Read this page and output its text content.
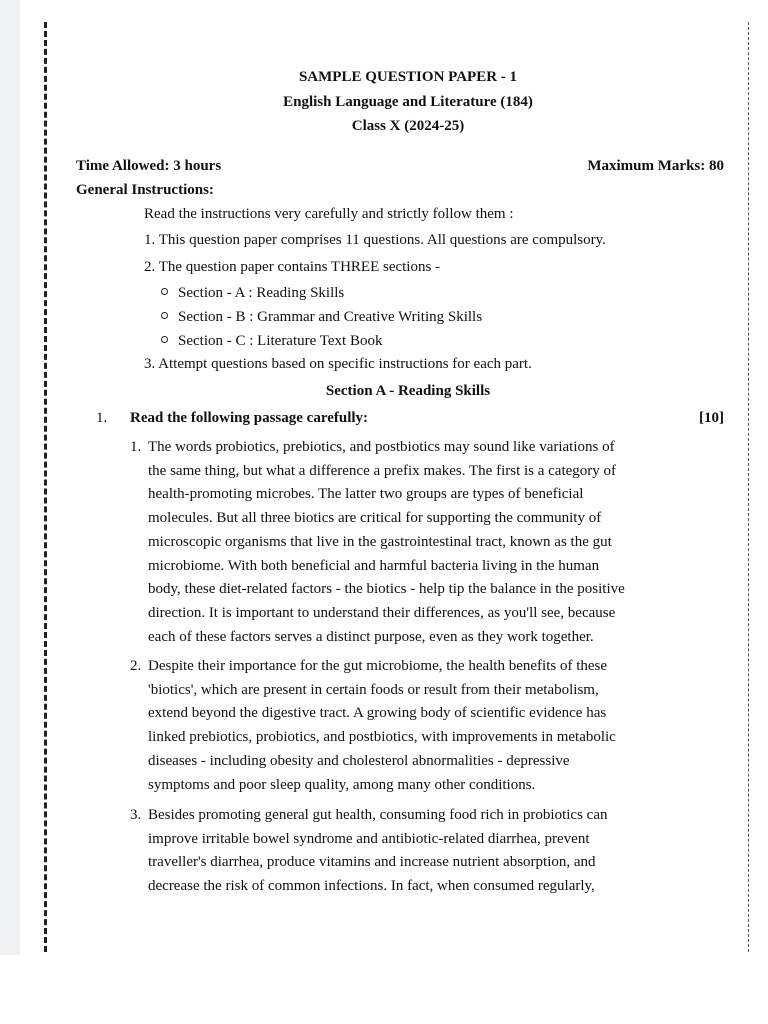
SAMPLE QUESTION PAPER - 1
English Language and Literature (184)
Class X (2024-25)
Time Allowed: 3 hours	Maximum Marks: 80
General Instructions:
Read the instructions very carefully and strictly follow them :
1. This question paper comprises 11 questions. All questions are compulsory.
2. The question paper contains THREE sections -
Section - A : Reading Skills
Section - B : Grammar and Creative Writing Skills
Section - C : Literature Text Book
3. Attempt questions based on specific instructions for each part.
Section A - Reading Skills
1. Read the following passage carefully:	[10]
1. The words probiotics, prebiotics, and postbiotics may sound like variations of
the same thing, but what a difference a prefix makes. The first is a category of
health-promoting microbes. The latter two groups are types of beneficial
molecules. But all three biotics are critical for supporting the community of
microscopic organisms that live in the gastrointestinal tract, known as the gut
microbiome. With both beneficial and harmful bacteria living in the human
body, these diet-related factors - the biotics - help tip the balance in the positive
direction. It is important to understand their differences, as you'll see, because
each of these factors serves a distinct purpose, even as they work together.
2. Despite their importance for the gut microbiome, the health benefits of these
'biotics', which are present in certain foods or result from their metabolism,
extend beyond the digestive tract. A growing body of scientific evidence has
linked prebiotics, probiotics, and postbiotics, with improvements in metabolic
diseases - including obesity and cholesterol abnormalities - depressive
symptoms and poor sleep quality, among many other conditions.
3. Besides promoting general gut health, consuming food rich in probiotics can
improve irritable bowel syndrome and antibiotic-related diarrhea, prevent
traveller's diarrhea, produce vitamins and increase nutrient absorption, and
decrease the risk of common infections. In fact, when consumed regularly,
